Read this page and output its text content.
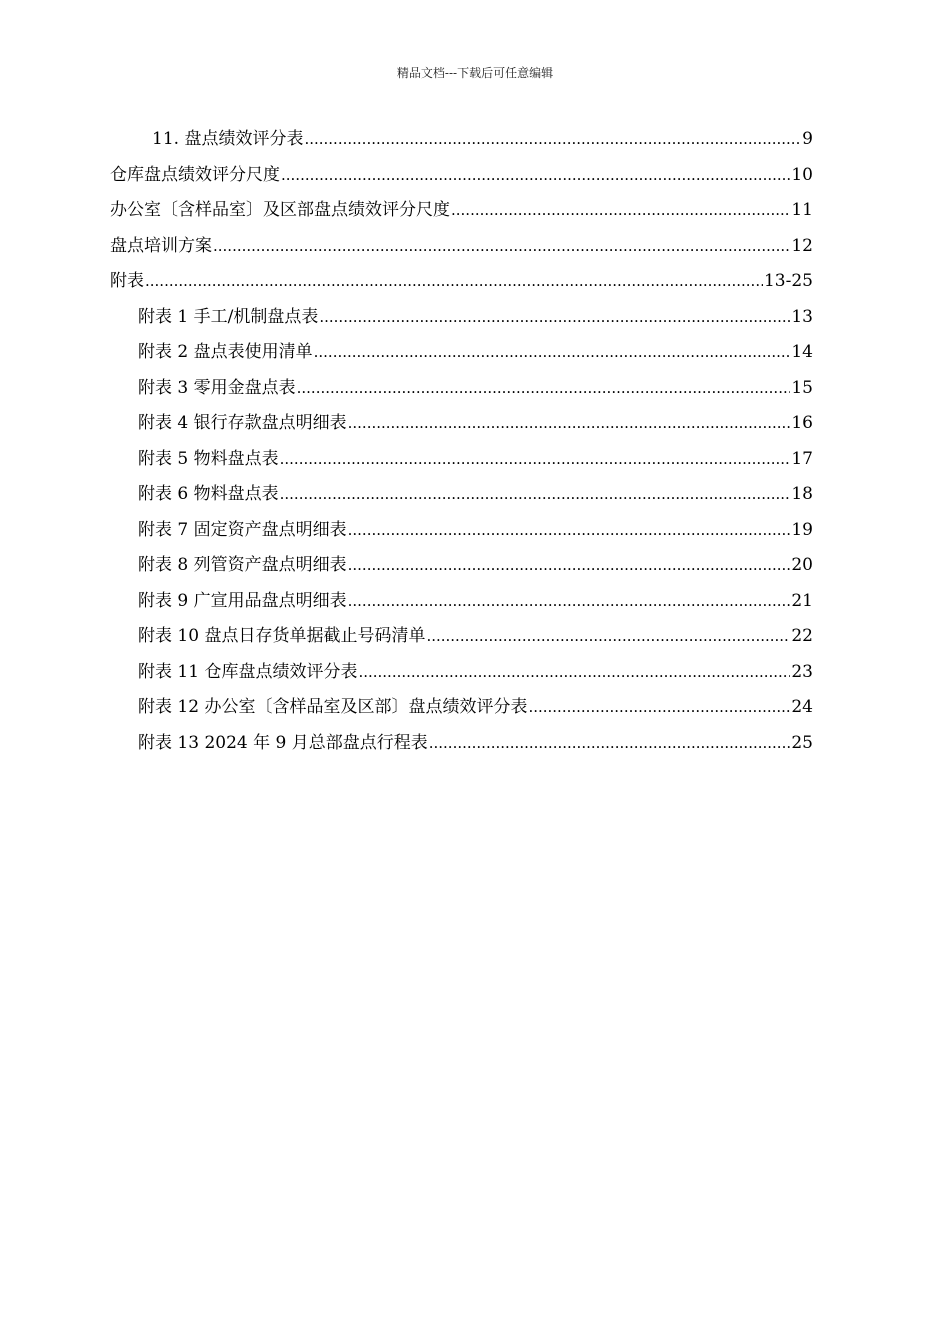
精品文档---下载后可任意编辑
11. 盘点绩效评分表 .....	9
仓库盘点绩效评分尺度 .....	10
办公室〔含样品室〕及区部盘点绩效评分尺度 .....	11
盘点培训方案 .....	12
附表 .....	13-25
附表 1 手工/机制盘点表 .....	13
附表 2 盘点表使用清单 .....	14
附表 3 零用金盘点表 .....	15
附表 4 银行存款盘点明细表 .....	16
附表 5 物料盘点表 .....	17
附表 6 物料盘点表 .....	18
附表 7 固定资产盘点明细表 .....	19
附表 8 列管资产盘点明细表 .....	20
附表 9 广宣用品盘点明细表 .....	21
附表 10 盘点日存货单据截止号码清单 .....	22
附表 11 仓库盘点绩效评分表 .....	23
附表 12 办公室〔含样品室及区部〕盘点绩效评分表 .....	24
附表 13 2024 年 9 月总部盘点行程表 .....	25
